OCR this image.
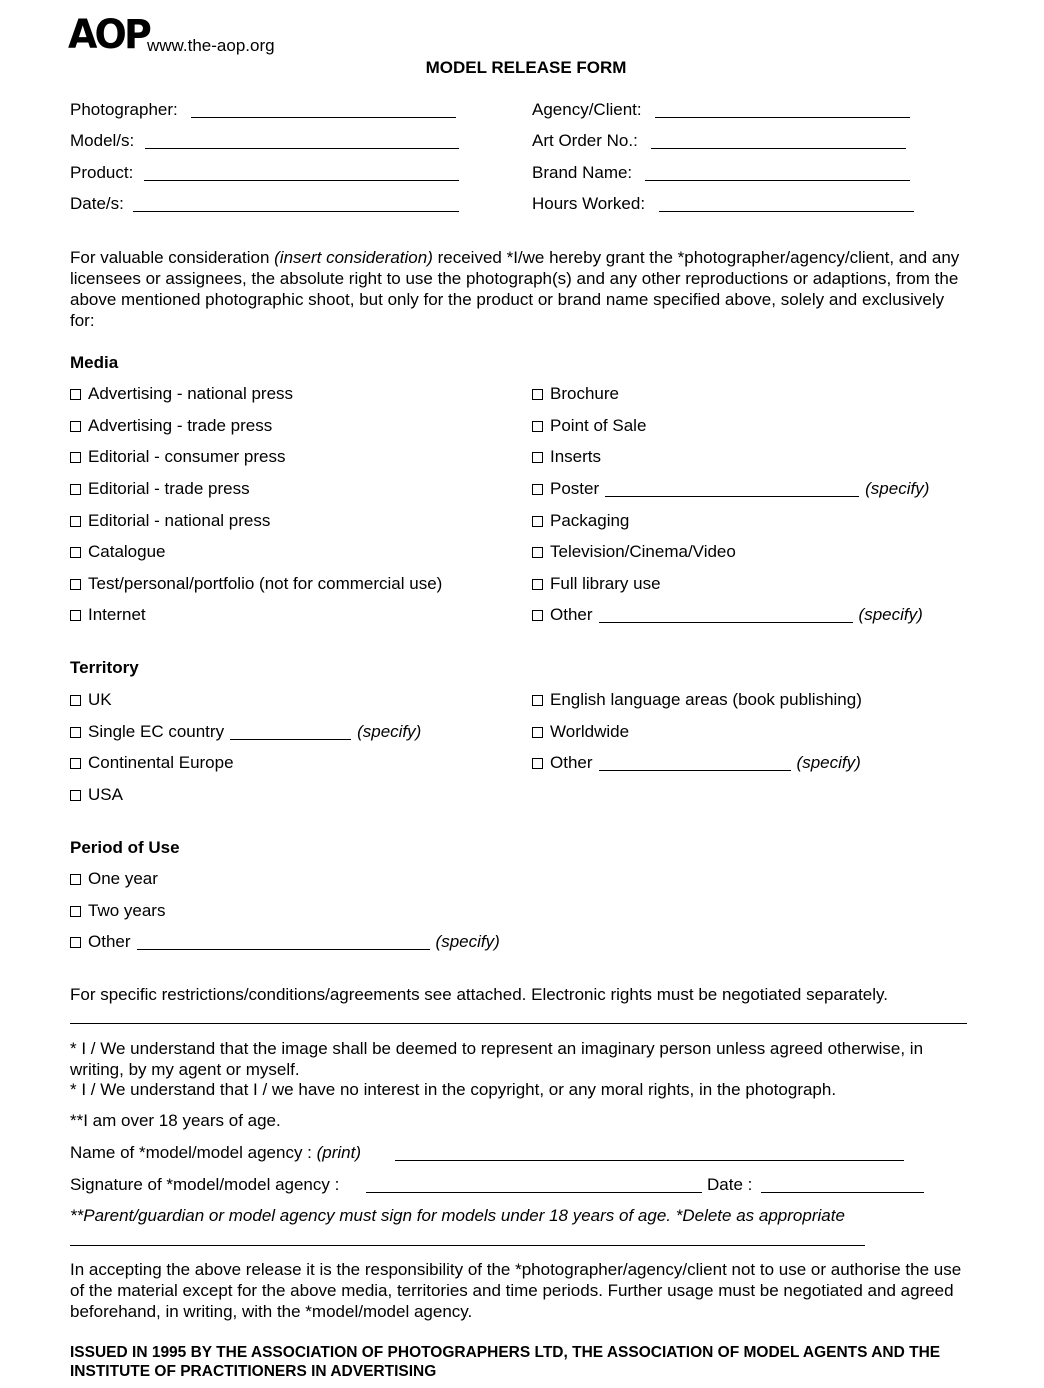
AOP
www.the-aop.org
MODEL RELEASE FORM
Photographer:
Model/s:
Product:
Date/s:
Agency/Client:
Art Order No.:
Brand Name:
Hours Worked:
For valuable consideration (insert consideration) received *I/we hereby grant the *photographer/agency/client, and any licensees or assignees, the absolute right to use the photograph(s) and any other reproductions or adaptions, from the above mentioned photographic shoot, but only for the product or brand name specified above, solely and exclusively for:
Media
Advertising - national press
Advertising - trade press
Editorial - consumer press
Editorial - trade press
Editorial - national press
Catalogue
Test/personal/portfolio (not for commercial use)
Internet
Brochure
Point of Sale
Inserts
Poster	(specify)
Packaging
Television/Cinema/Video
Full library use
Other	(specify)
Territory
UK
Single EC country	(specify)
Continental Europe
USA
English language areas (book publishing)
Worldwide
Other	(specify)
Period of Use
One year
Two years
Other	(specify)
For specific restrictions/conditions/agreements see attached. Electronic rights must be negotiated separately.
* I / We understand that the image shall be deemed to represent an imaginary person unless agreed otherwise, in writing, by my agent or myself.
* I / We understand that I / we have no interest in the copyright, or any moral rights, in the photograph.
**I am over 18 years of age.
Name of *model/model agency : (print)
Signature of *model/model agency :	Date :
**Parent/guardian or model agency must sign for models under 18 years of age. *Delete as appropriate
In accepting the above release it is the responsibility of the *photographer/agency/client not to use or authorise the use of the material except for the above media, territories and time periods. Further usage must be negotiated and agreed beforehand, in writing, with the *model/model agency.
ISSUED IN 1995 BY THE ASSOCIATION OF PHOTOGRAPHERS LTD, THE ASSOCIATION OF MODEL AGENTS AND THE INSTITUTE OF PRACTITIONERS IN ADVERTISING
